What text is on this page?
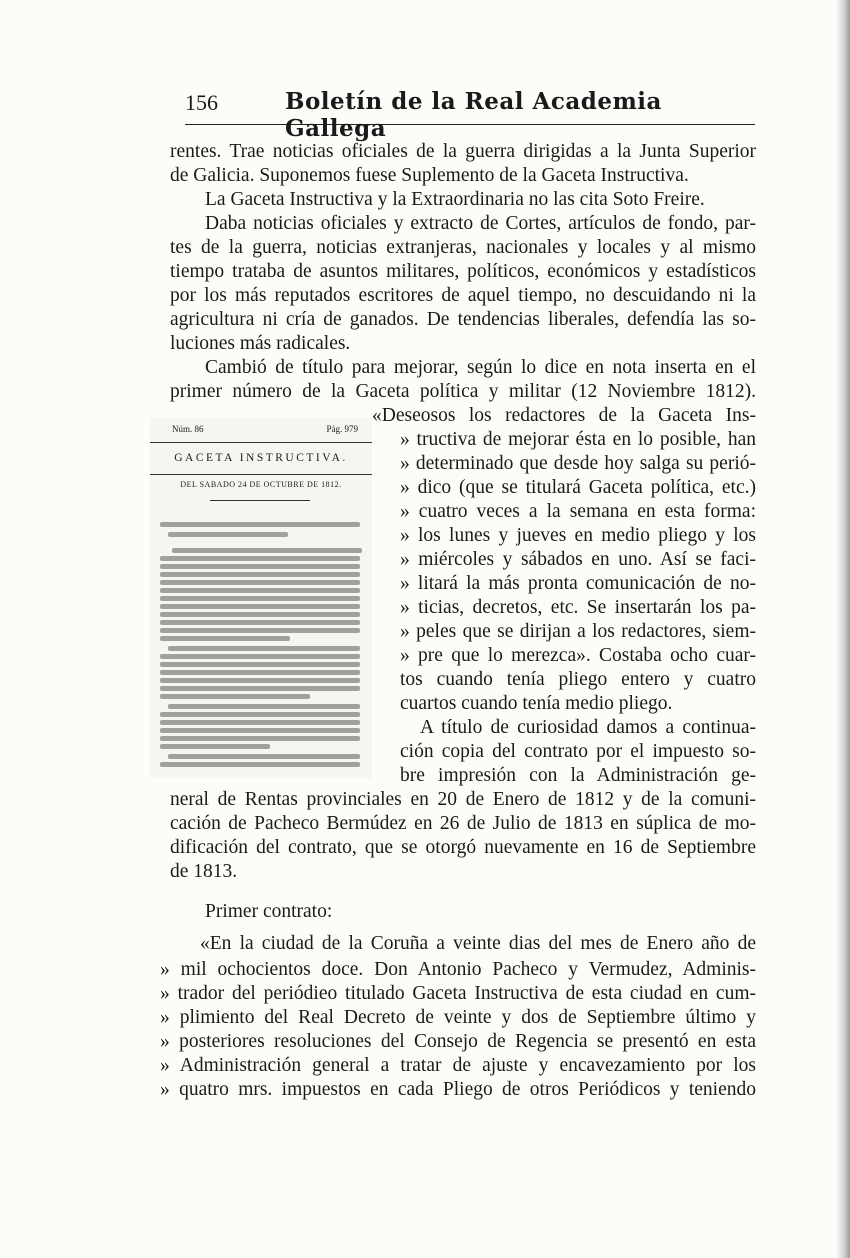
156	Boletín de la Real Academia Gallega
rentes. Trae noticias oficiales de la guerra dirigidas a la Junta Superior
de Galicia. Suponemos fuese Suplemento de la Gaceta Instructiva.
La Gaceta Instructiva y la Extraordinaria no las cita Soto Freire.
Daba noticias oficiales y extracto de Cortes, artículos de fondo, par-
tes de la guerra, noticias extranjeras, nacionales y locales y al mismo
tiempo trataba de asuntos militares, políticos, económicos y estadísticos
por los más reputados escritores de aquel tiempo, no descuidando ni la
agricultura ni cría de ganados. De tendencias liberales, defendía las so-
luciones más radicales.
Cambió de título para mejorar, según lo dice en nota inserta en el
primer número de la Gaceta política y militar (12 Noviembre 1812).
Núm. 86	Pág. 979
GACETA INSTRUCTIVA.
DEL SABADO 24 DE OCTUBRE DE 1812.
«Deseosos los redactores de la Gaceta Ins-
» tructiva de mejorar ésta en lo posible, han
» determinado que desde hoy salga su perió-
» dico (que se titulará Gaceta política, etc.)
» cuatro veces a la semana en esta forma:
» los lunes y jueves en medio pliego y los
» miércoles y sábados en uno. Así se faci-
» litará la más pronta comunicación de no-
» ticias, decretos, etc. Se insertarán los pa-
» peles que se dirijan a los redactores, siem-
» pre que lo merezca». Costaba ocho cuar-
tos cuando tenía pliego entero y cuatro
cuartos cuando tenía medio pliego.
A título de curiosidad damos a continua-
ción copia del contrato por el impuesto so-
bre impresión con la Administración ge-
neral de Rentas provinciales en 20 de Enero de 1812 y de la comuni-
cación de Pacheco Bermúdez en 26 de Julio de 1813 en súplica de mo-
dificación del contrato, que se otorgó nuevamente en 16 de Septiembre
de 1813.
Primer contrato:
«En la ciudad de la Coruña a veinte dias del mes de Enero año de
» mil ochocientos doce. Don Antonio Pacheco y Vermudez, Adminis-
» trador del periódieo titulado Gaceta Instructiva de esta ciudad en cum-
» plimiento del Real Decreto de veinte y dos de Septiembre último y
» posteriores resoluciones del Consejo de Regencia se presentó en esta
» Administración general a tratar de ajuste y encavezamiento por los
» quatro mrs. impuestos en cada Pliego de otros Periódicos y teniendo
